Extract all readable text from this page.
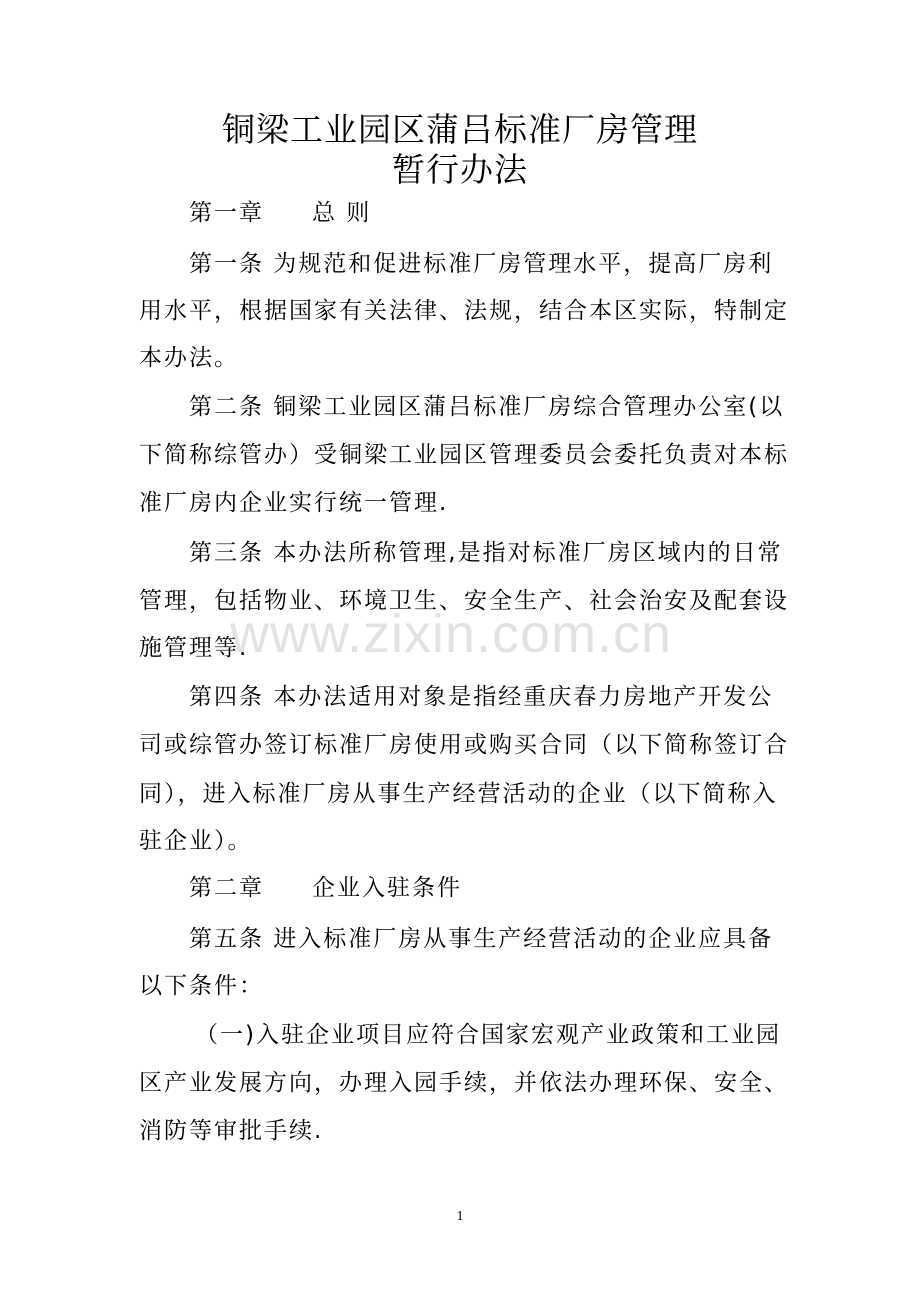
铜梁工业园区蒲吕标准厂房管理
暂行办法
第一章 总 则
第一条 为规范和促进标准厂房管理水平，提高厂房利
用水平，根据国家有关法律、法规，结合本区实际，特制定
本办法。
第二条 铜梁工业园区蒲吕标准厂房综合管理办公室(以
下简称综管办）受铜梁工业园区管理委员会委托负责对本标
准厂房内企业实行统一管理.
第三条 本办法所称管理,是指对标准厂房区域内的日常
管理，包括物业、环境卫生、安全生产、社会治安及配套设
施管理等.
第四条 本办法适用对象是指经重庆春力房地产开发公
司或综管办签订标准厂房使用或购买合同（以下简称签订合
同），进入标准厂房从事生产经营活动的企业（以下简称入
驻企业）。
第二章 企业入驻条件
第五条 进入标准厂房从事生产经营活动的企业应具备
以下条件：
（一)入驻企业项目应符合国家宏观产业政策和工业园
区产业发展方向，办理入园手续，并依法办理环保、安全、
消防等审批手续.
www.zixin.com.cn
1
